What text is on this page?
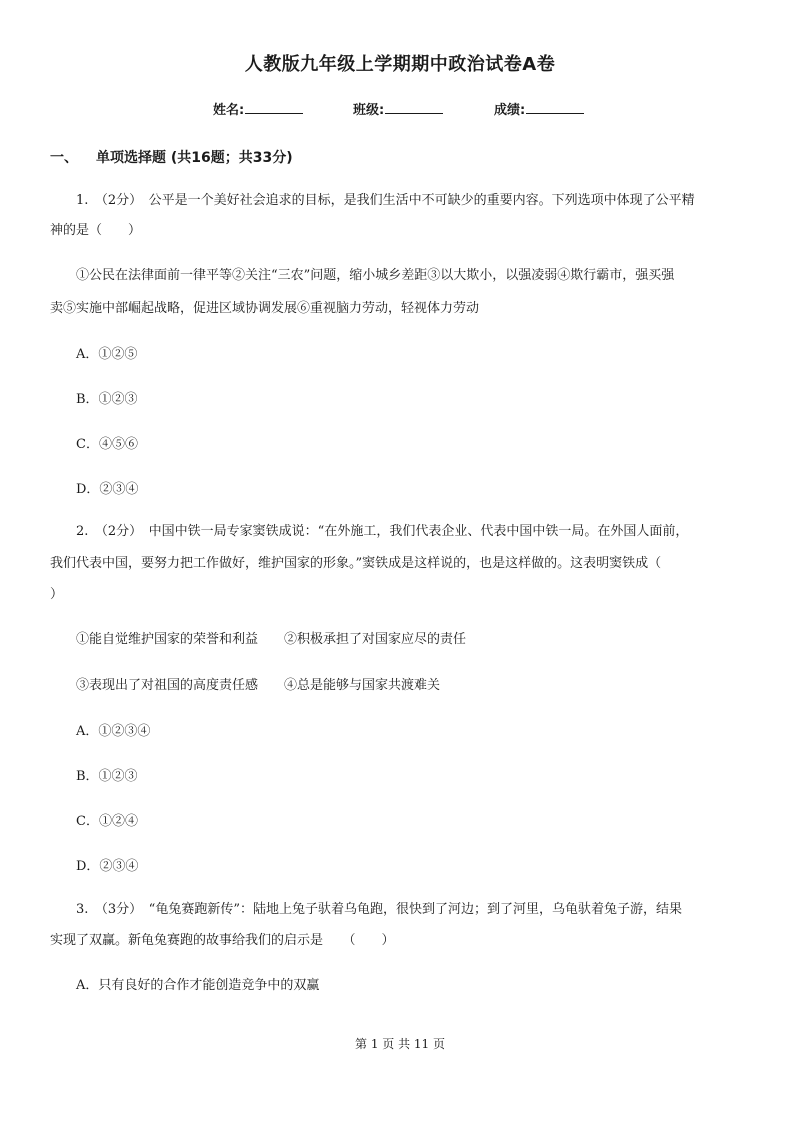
人教版九年级上学期期中政治试卷A卷
姓名:	班级:	成绩:
一、 单项选择题 (共16题；共33分)
1.　（2分）　公平是一个美好社会追求的目标，是我们生活中不可缺少的重要内容。下列选项中体现了公平精
神的是（　　）
①公民在法律面前一律平等②关注“三农”问题，缩小城乡差距③以大欺小，以强凌弱④欺行霸市，强买强
卖⑤实施中部崛起战略，促进区域协调发展⑥重视脑力劳动，轻视体力劳动
A．①②⑤
B．①②③
C．④⑤⑥
D．②③④
2.　（2分）　中国中铁一局专家窦铁成说：“在外施工，我们代表企业、代表中国中铁一局。在外国人面前，
我们代表中国，要努力把工作做好，维护国家的形象。”窦铁成是这样说的，也是这样做的。这表明窦铁成（
）
①能自觉维护国家的荣誉和利益　　②积极承担了对国家应尽的责任
③表现出了对祖国的高度责任感　　④总是能够与国家共渡难关
A．①②③④
B．①②③
C．①②④
D．②③④
3.　（3分）　“龟兔赛跑新传”：陆地上兔子驮着乌龟跑，很快到了河边；到了河里，乌龟驮着兔子游，结果
实现了双赢。新龟兔赛跑的故事给我们的启示是　　（　　）
A．只有良好的合作才能创造竞争中的双赢
第 1 页 共 11 页
